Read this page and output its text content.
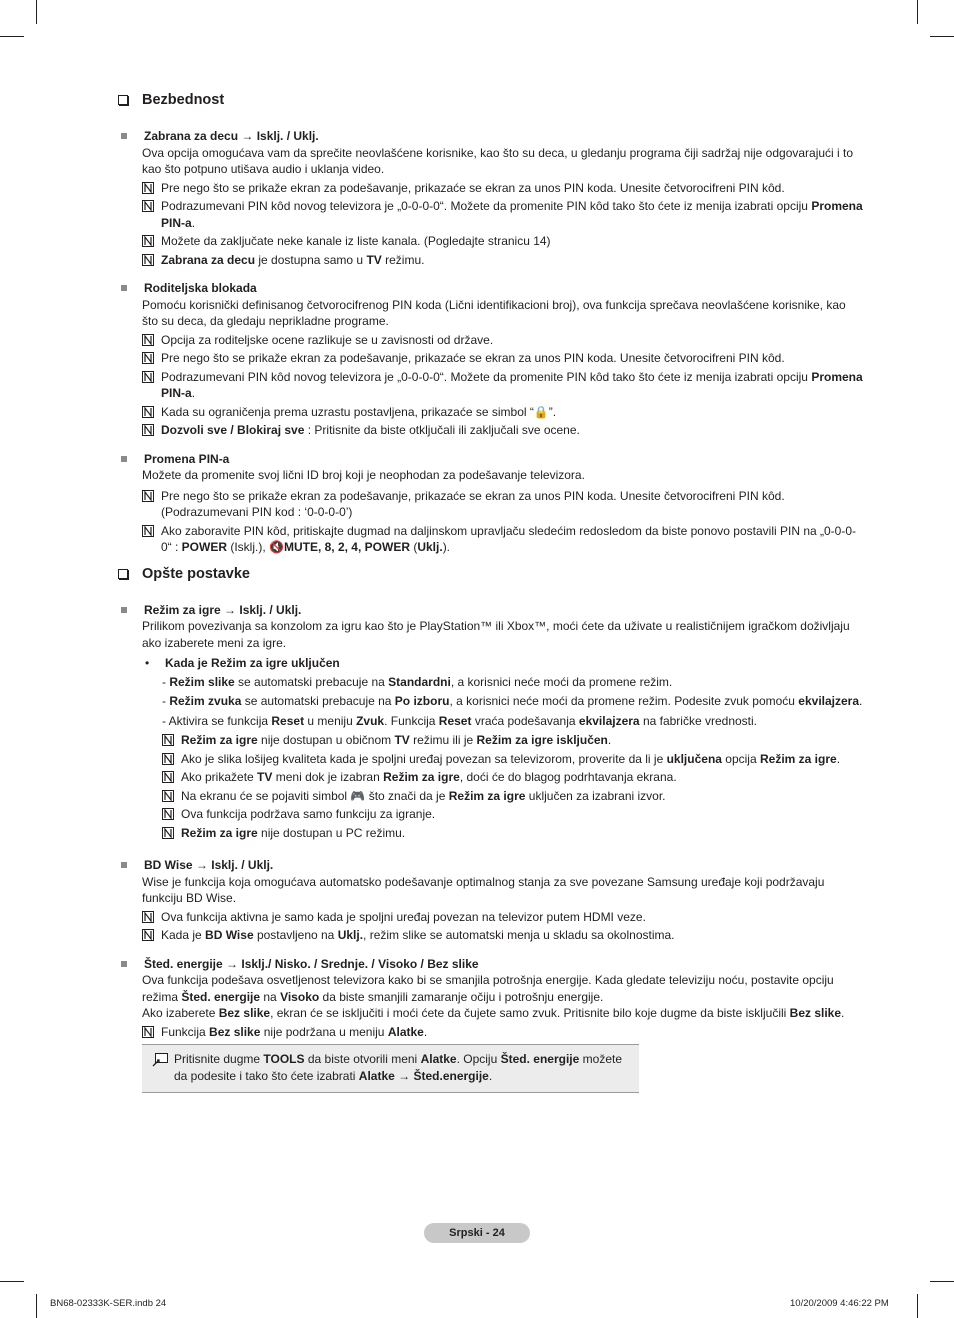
Bezbednost
Zabrana za decu → Isklj. / Uklj.

Ova opcija omogućava vam da sprečite neovlašćene korisnike, kao što su deca, u gledanju programa čiji sadržaj nije odgovarajući i to kao što potpuno utišava audio i uklanja video.

Pre nego što se prikaže ekran za podešavanje, prikazaće se ekran za unos PIN koda. Unesite četvorocifreni PIN kôd.
Podrazumevani PIN kôd novog televizora je „0-0-0-0“. Možete da promenite PIN kôd tako što ćete iz menija izabrati opciju Promena PIN-a.
Možete da zaključate neke kanale iz liste kanala. (Pogledajte stranicu 14)
Zabrana za decu je dostupna samo u TV režimu.
Roditeljska blokada

Pomoću korisnički definisanog četvorocifrenog PIN koda (Lični identifikacioni broj), ova funkcija sprečava neovlašćene korisnike, kao što su deca, da gledaju neprikladne programe.

Opcija za roditeljske ocene razlikuje se u zavisnosti od države.
Pre nego što se prikaže ekran za podešavanje, prikazaće se ekran za unos PIN koda. Unesite četvorocifreni PIN kôd.
Podrazumevani PIN kôd novog televizora je „0-0-0-0“. Možete da promenite PIN kôd tako što ćete iz menija izabrati opciju Promena PIN-a.
Kada su ograničenja prema uzrastu postavljena, prikazaće se simbol “🔒”.
Dozvoli sve / Blokiraj sve : Pritisnite da biste otključali ili zaključali sve ocene.
Promena PIN-a

Možete da promenite svoj lični ID broj koji je neophodan za podešavanje televizora.

Pre nego što se prikaže ekran za podešavanje, prikazaće se ekran za unos PIN koda. Unesite četvorocifreni PIN kôd. (Podrazumevani PIN kod : ‘0-0-0-0’)
Ako zaboravite PIN kôd, pritiskajte dugmad na daljinskom upravljaču sledećim redosledom da biste ponovo postavili PIN na „0-0-0-0“ : POWER (Isklj.), 🔇MUTE, 8, 2, 4, POWER (Uklj.).
Opšte postavke
Režim za igre → Isklj. / Uklj.

Prilikom povezivanja sa konzolom za igru kao što je PlayStation™ ili Xbox™, moći ćete da uživate u realističnijem igračkom doživljaju ako izaberete meni za igre.

•	Kada je Režim za igre uključen
- Režim slike se automatski prebacuje na Standardni, a korisnici neće moći da promene režim.
- Režim zvuka se automatski prebacuje na Po izboru, a korisnici neće moći da promene režim. Podesite zvuk pomoću ekvilajzera.
- Aktivira se funkcija Reset u meniju Zvuk. Funkcija Reset vraća podešavanja ekvilajzera na fabričke vrednosti.
Režim za igre nije dostupan u običnom TV režimu ili je Režim za igre isključen.
Ako je slika lošijeg kvaliteta kada je spoljni uređaj povezan sa televizorom, proverite da li je uključena opcija Režim za igre.
Ako prikažete TV meni dok je izabran Režim za igre, doći će do blagog podrhtavanja ekrana.
Na ekranu će se pojaviti simbol 🎮 što znači da je Režim za igre uključen za izabrani izvor.
Ova funkcija podržava samo funkciju za igranje.
Režim za igre nije dostupan u PC režimu.
BD Wise → Isklj. / Uklj.

Wise je funkcija koja omogućava automatsko podešavanje optimalnog stanja za sve povezane Samsung uređaje koji podržavaju funkciju BD Wise.

Ova funkcija aktivna je samo kada je spoljni uređaj povezan na televizor putem HDMI veze.
Kada je BD Wise postavljeno na Uklj., režim slike se automatski menja u skladu sa okolnostima.
Šted. energije → Isklj./ Nisko. / Srednje. / Visoko / Bez slike

Ova funkcija podešava osvetljenost televizora kako bi se smanjila potrošnja energije. Kada gledate televiziju noću, postavite opciju režima Šted. energije na Visoko da biste smanjili zamaranje očiju i potrošnju energije.

Ako izaberete Bez slike, ekran će se isključiti i moći ćete da čujete samo zvuk. Pritisnite bilo koje dugme da biste isključili Bez slike.

Funkcija Bez slike nije podržana u meniju Alatke.
Pritisnite dugme TOOLS da biste otvorili meni Alatke. Opciju Šted. energije možete da podesite i tako što ćete izabrati Alatke → Šted.energije.
Srpski - 24
BN68-02333K-SER.indb 24	10/20/2009 4:46:22 PM
